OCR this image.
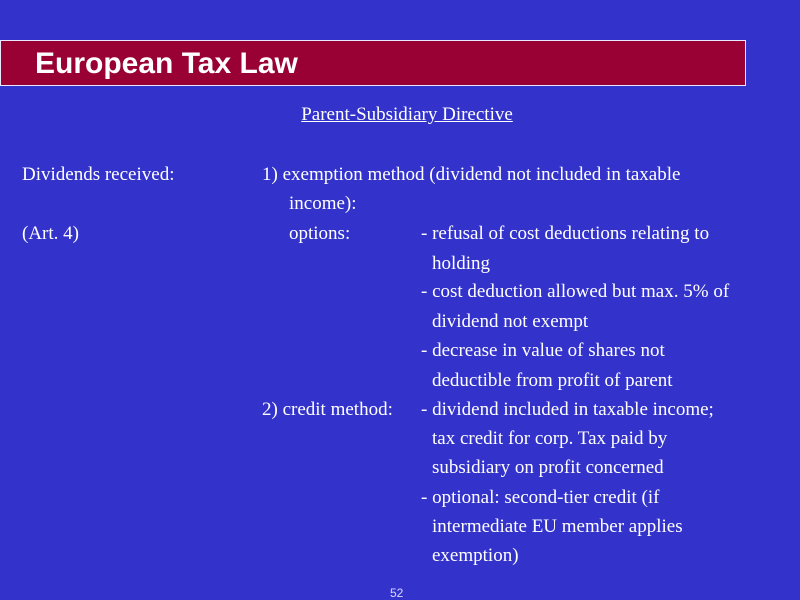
European Tax Law
Parent-Subsidiary Directive
Dividends received:
(Art. 4)
1) exemption method (dividend not included in taxable
income):
options:	- refusal of cost deductions relating to
holding
- cost deduction allowed but max. 5% of
dividend not exempt
- decrease in value of shares not
deductible from profit of parent
2) credit method: - dividend included in taxable income;
tax credit for corp. Tax paid by
subsidiary on profit concerned
- optional: second-tier credit (if
intermediate EU member applies
exemption)
52
